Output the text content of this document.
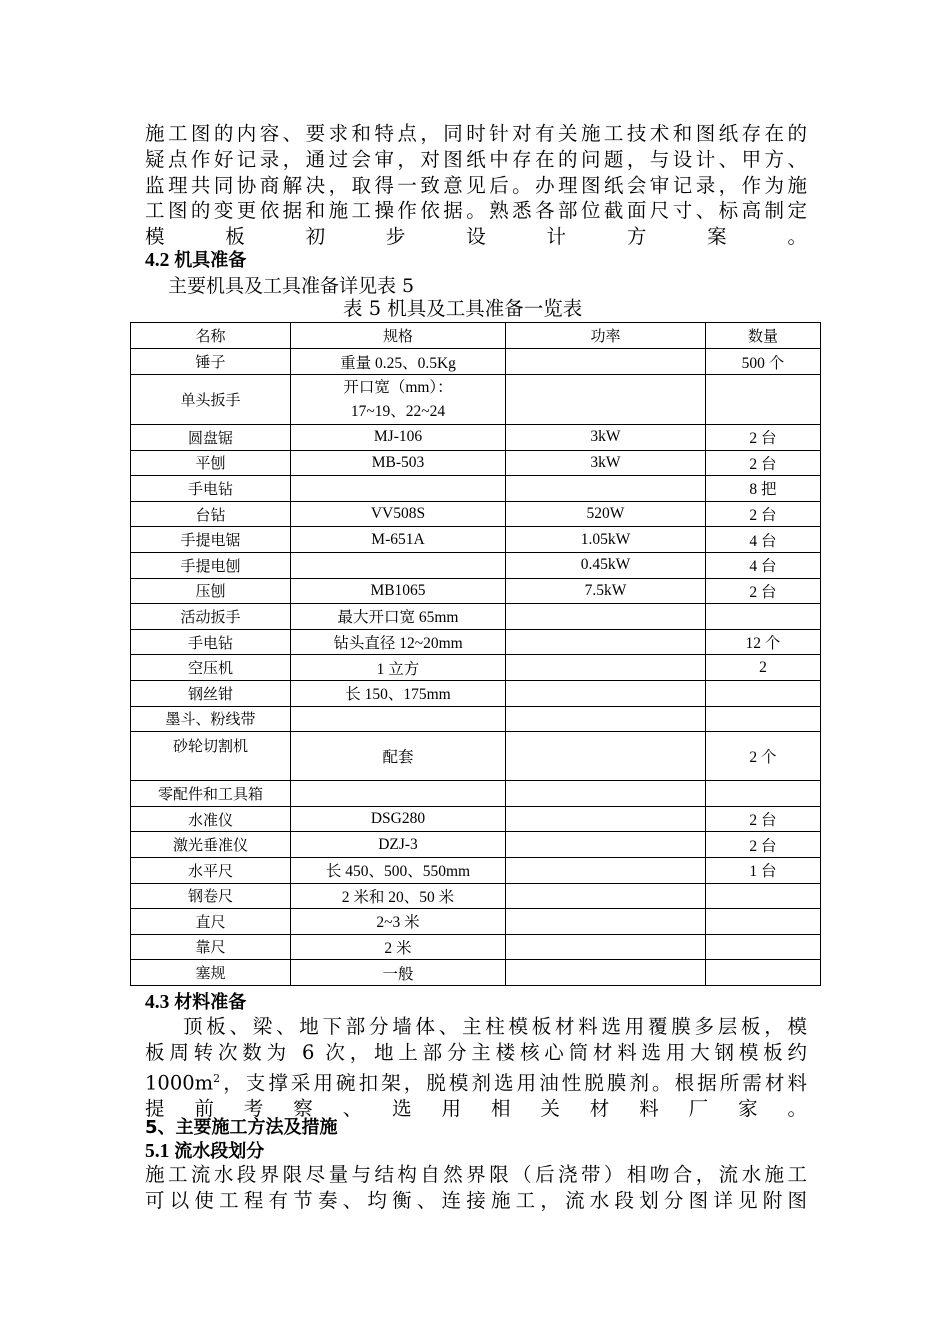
施工图的内容、要求和特点，同时针对有关施工技术和图纸存在的
疑点作好记录，通过会审，对图纸中存在的问题，与设计、甲方、
监理共同协商解决，取得一致意见后。办理图纸会审记录，作为施
工图的变更依据和施工操作依据。熟悉各部位截面尺寸、标高制定
模板初步设计方案。
4.2 机具准备
主要机具及工具准备详见表 5
表 5 机具及工具准备一览表
名称	规格	功率	数量
锤子	重量 0.25、0.5Kg		500 个
单头扳手	开口宽（mm）：
17~19、22~24		

圆盘锯	MJ-106	3kW	2 台
平刨	MB-503	3kW	2 台
手电钻			8 把
台钻	VV508S	520W	2 台
手提电锯	M-651A	1.05kW	4 台
手提电刨		0.45kW	4 台
压刨	MB1065	7.5kW	2 台
活动扳手	最大开口宽 65mm		
手电钻	钻头直径 12~20mm		12 个
空压机	1 立方		2
钢丝钳	长 150、175mm		
墨斗、粉线带			
砂轮切割机	配套		2 个
零配件和工具箱			
水准仪	DSG280		2 台
激光垂准仪	DZJ-3		2 台
水平尺	长 450、500、550mm		1 台
钢卷尺	2 米和 20、50 米		
直尺	2~3 米		
靠尺	2 米		
塞规	一般		
4.3 材料准备
顶板、梁、地下部分墙体、主柱模板材料选用覆膜多层板，模
板周转次数为 6 次，地上部分主楼核心筒材料选用大钢模板约
$1000m^2$，支撑采用碗扣架，脱模剂选用油性脱膜剂。根据所需材料
提前考察、选用相关材料厂家。
5、主要施工方法及措施
5.1 流水段划分
施工流水段界限尽量与结构自然界限（后浇带）相吻合，流水施工
可以使工程有节奏、均衡、连接施工，流水段划分图详见附图
